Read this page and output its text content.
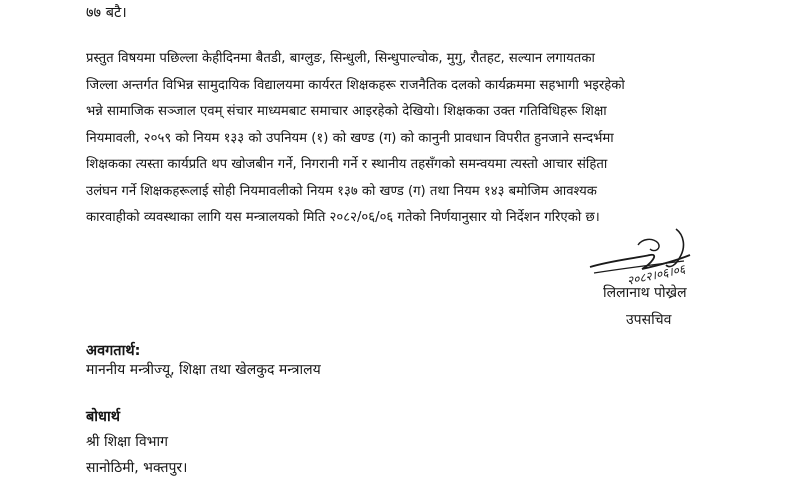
७७ बटै।

प्रस्तुत विषयमा पछिल्ला केहीदिनमा बैतडी, बाग्लुङ, सिन्धुली, सिन्धुपाल्चोक, मुगु, रौतहट, सल्यान लगायतका
जिल्ला अन्तर्गत विभिन्न सामुदायिक विद्यालयमा कार्यरत शिक्षकहरू राजनैतिक दलको कार्यक्रममा सहभागी भइरहेको
भन्ने सामाजिक सञ्जाल एवम् संचार माध्यमबाट समाचार आइरहेको देखियो। शिक्षकका उक्त गतिविधिहरू शिक्षा
नियमावली, २०५९ को नियम १३३ को उपनियम (१) को खण्ड (ग) को कानुनी प्रावधान विपरीत हुनजाने सन्दर्भमा
शिक्षकका त्यस्ता कार्यप्रति थप खोजबीन गर्ने, निगरानी गर्ने र स्थानीय तहसँगको समन्वयमा त्यस्तो आचार संहिता
उलंघन गर्ने शिक्षकहरूलाई सोही नियमावलीको नियम १३७ को खण्ड (ग) तथा नियम १४३ बमोजिम आवश्यक
कारवाहीको व्यवस्थाका लागि यस मन्त्रालयको मिति २०८२/०६/०६ गतेको निर्णयानुसार यो निर्देशन गरिएको छ।

२०८२।०६।०६
लिलानाथ पोख्रेल
उपसचिव
अवगतार्थ:
माननीय मन्त्रीज्यू, शिक्षा तथा खेलकुद मन्त्रालय
बोधार्थ
श्री शिक्षा विभाग
सानोठिमी, भक्तपुर।
